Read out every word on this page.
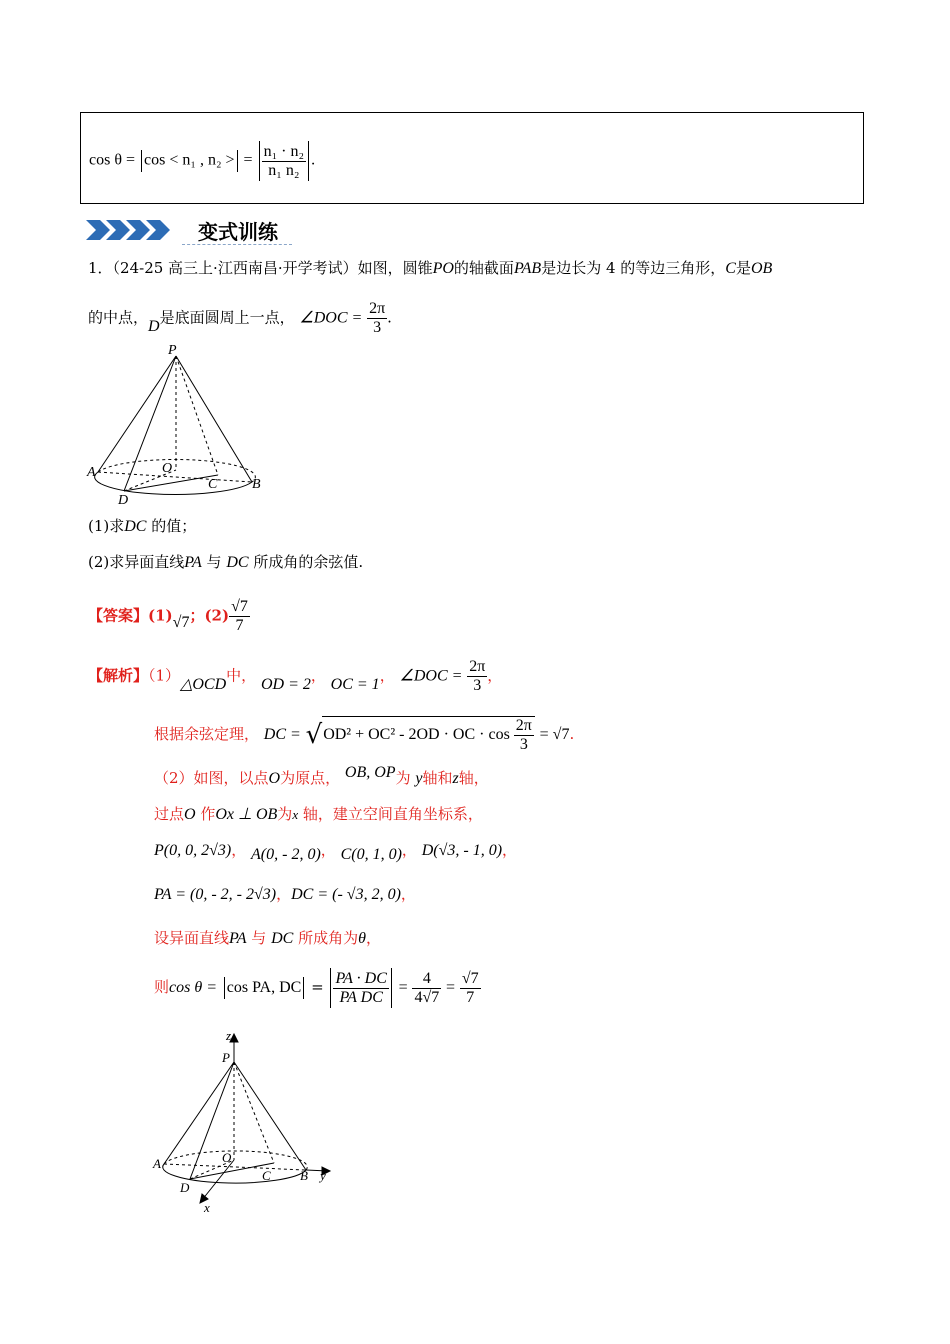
cos θ = cos < n₁ , n₂ > = $\frac{\text{n₁ · n₂}}{\text{n₁ n₂}}$ .
变式训练
1．（24-25 高三上·江西南昌·开学考试）如图，圆锥PO的轴截面PAB是边长为 4 的等边三角形，C是OB
的中点，D是底面圆周上一点， ∠DOC = $\frac{2\pi}{3}$ .
P
A	O
C B
D
(1)求DC 的值；
(2)求异面直线PA 与 DC 所成角的余弦值.
【答案】(1)√7；$(2) \frac{√7}{7}$
【解析】（1）△OCD中， OD = 2， OC = 1， ∠DOC = $\frac{2\pi}{3}$ ，
根据余弦定理， DC = √OD² + OC² - 2OD · OC · $\cos \frac{2\pi}{3} = √7$.
（2）如图，以点O为原点， OB, OP为 y轴和z轴，
过点O 作Ox ⊥ OB为x 轴，建立空间直角坐标系，
P(0, 0, 2√3)， A(0, - 2, 0)， C(0, 1, 0)， D(√3, - 1, 0)，
PA = (0, - 2, - 2√3)，DC = (- √3, 2, 0)，
设异面直线PA 与 DC 所成角为θ，
则cos θ = cos PA, DC = $\frac{PA \cdot DC}{\text{PA DC}} = \frac{4}{4√7} = \frac{√7}{7}$
z
P
A	O
C B y
D
x
